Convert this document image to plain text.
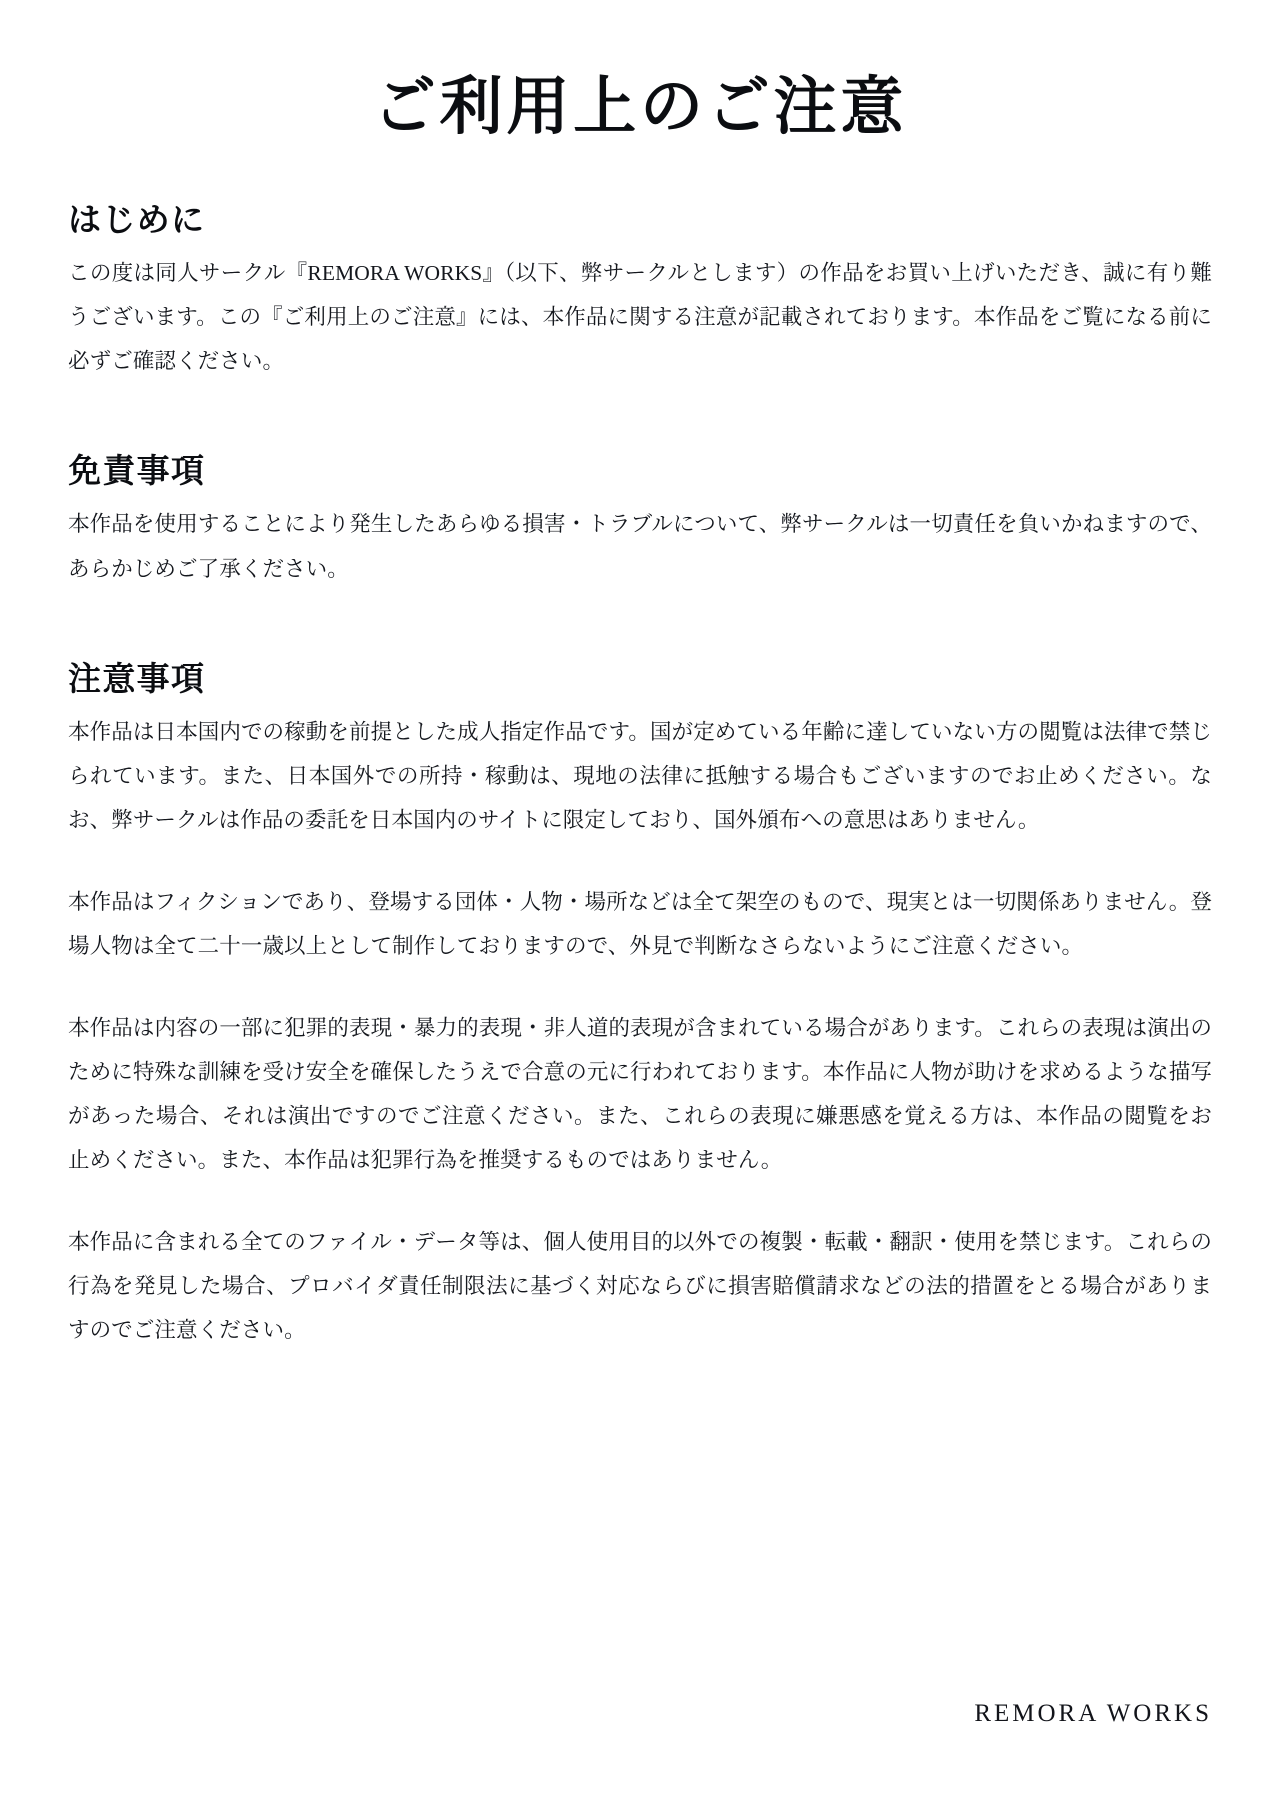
ご利用上のご注意
はじめに

この度は同人サークル『REMORA WORKS』（以下、弊サークルとします）の作品をお買い上げいただき、誠に有り難うございます。この『ご利用上のご注意』には、本作品に関する注意が記載されております。本作品をご覧になる前に必ずご確認ください。

免責事項

本作品を使用することにより発生したあらゆる損害・トラブルについて、弊サークルは一切責任を負いかねますので、あらかじめご了承ください。

注意事項

本作品は日本国内での稼動を前提とした成人指定作品です。国が定めている年齢に達していない方の閲覧は法律で禁じられています。また、日本国外での所持・稼動は、現地の法律に抵触する場合もございますのでお止めください。なお、弊サークルは作品の委託を日本国内のサイトに限定しており、国外頒布への意思はありません。

本作品はフィクションであり、登場する団体・人物・場所などは全て架空のもので、現実とは一切関係ありません。登場人物は全て二十一歳以上として制作しておりますので、外見で判断なさらないようにご注意ください。

本作品は内容の一部に犯罪的表現・暴力的表現・非人道的表現が含まれている場合があります。これらの表現は演出のために特殊な訓練を受け安全を確保したうえで合意の元に行われております。本作品に人物が助けを求めるような描写があった場合、それは演出ですのでご注意ください。また、これらの表現に嫌悪感を覚える方は、本作品の閲覧をお止めください。また、本作品は犯罪行為を推奨するものではありません。

本作品に含まれる全てのファイル・データ等は、個人使用目的以外での複製・転載・翻訳・使用を禁じます。これらの行為を発見した場合、プロバイダ責任制限法に基づく対応ならびに損害賠償請求などの法的措置をとる場合がありますのでご注意ください。

REMORA WORKS
